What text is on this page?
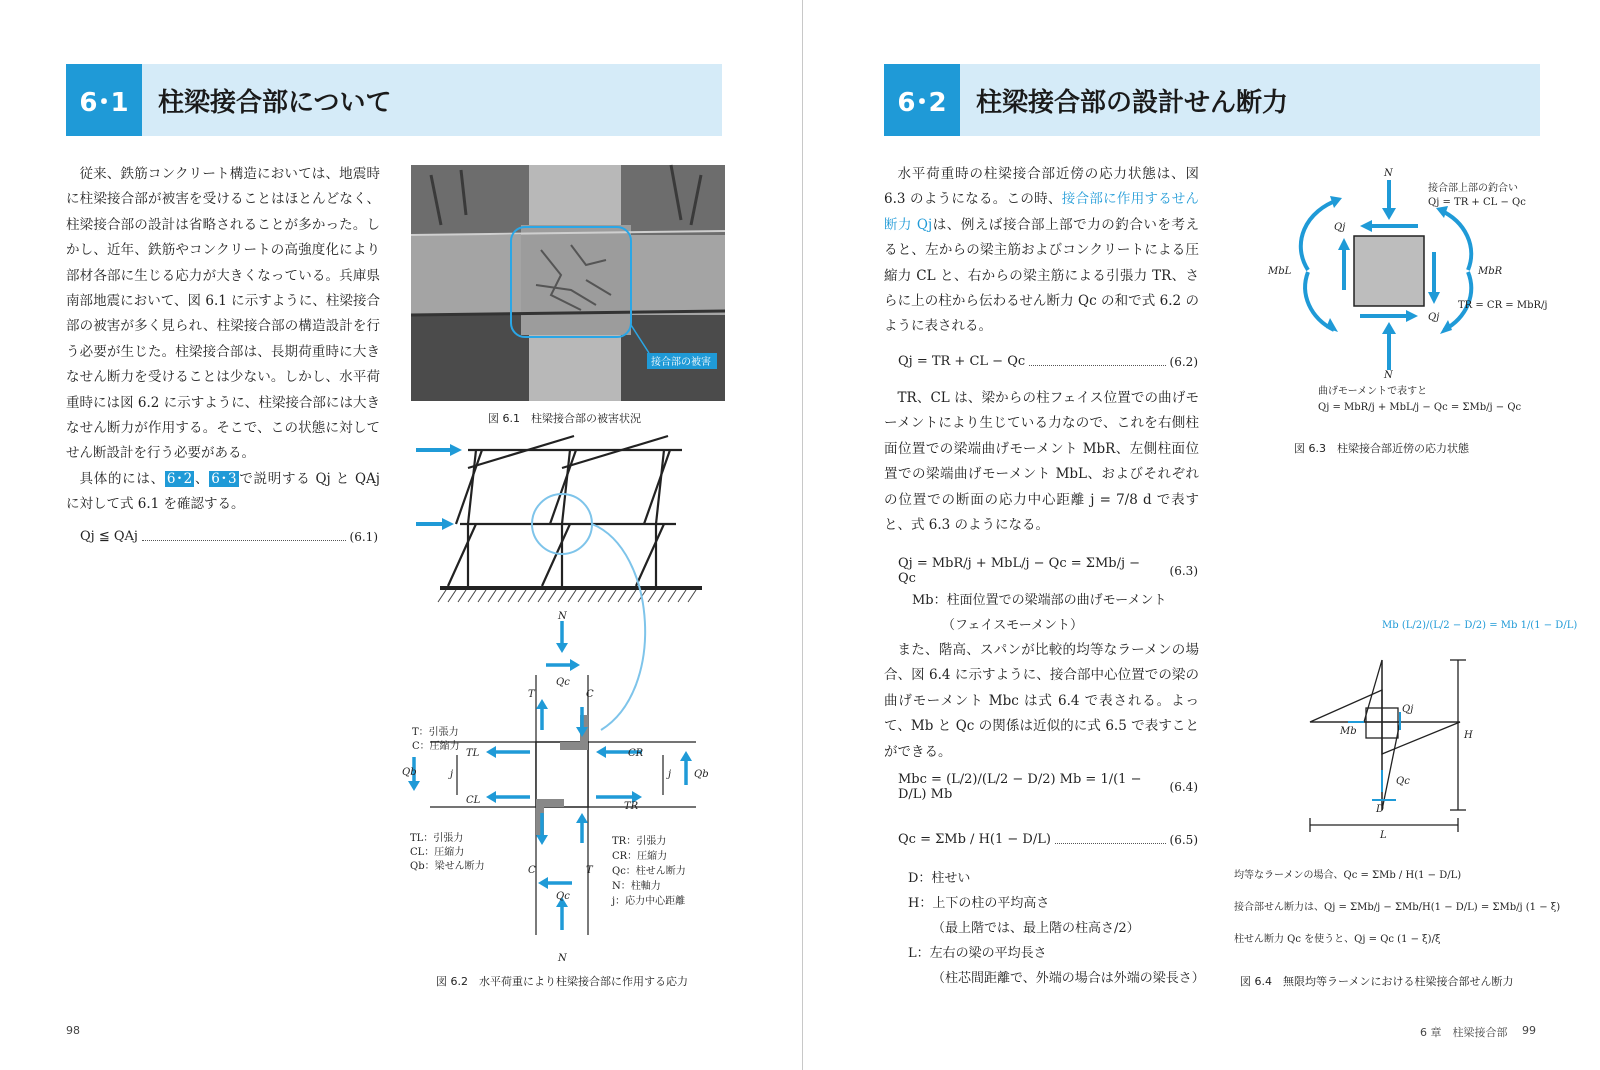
6･1	柱梁接合部について

従来、鉄筋コンクリート構造においては、地震時に柱梁接合部が被害を受けることはほとんどなく、柱梁接合部の設計は省略されることが多かった。しかし、近年、鉄筋やコンクリートの高強度化により部材各部に生じる応力が大きくなっている。兵庫県南部地震において、図 6.1 に示すように、柱梁接合部の被害が多く見られ、柱梁接合部の構造設計を行う必要が生じた。柱梁接合部は、長期荷重時に大きなせん断力を受けることは少ない。しかし、水平荷重時には図 6.2 に示すように、柱梁接合部には大きなせん断力が作用する。そこで、この状態に対してせん断設計を行う必要がある。

具体的には、 6･2 、 6･3 で説明する Qj と QAj に対して式 6.1 を確認する。

Qj ≦ QAj	(6.1)
接合部の被害
図 6.1　柱梁接合部の被害状況
N
Qc
T	C
TL
CL
CR
TR
Qb	Qb
j	j
C	T
Qc
N
T：引張力
C：圧縮力
TL：引張力
CL：圧縮力
Qb：梁せん断力
TR：引張力
CR：圧縮力
Qc：柱せん断力
N：柱軸力
j：応力中心距離
図 6.2　水平荷重により柱梁接合部に作用する応力
98
6･2	柱梁接合部の設計せん断力

水平荷重時の柱梁接合部近傍の応力状態は、図 6.3 のようになる。この時、接合部に作用するせん断力 Qjは、例えば接合部上部で力の釣合いを考えると、左からの梁主筋およびコンクリートによる圧縮力 CL と、右からの梁主筋による引張力 TR、さらに上の柱から伝わるせん断力 Qc の和で式 6.2 のように表される。

Qj = TR + CL − Qc	(6.2)

TR、CL は、梁からの柱フェイス位置での曲げモーメントにより生じている力なので、これを右側柱面位置での梁端曲げモーメント MbR、左側柱面位置での梁端曲げモーメント MbL、およびそれぞれの位置での断面の応力中心距離 j = 7/8 d で表すと、式 6.3 のようになる。

Qj = MbR/j + MbL/j − Qc = ΣMb/j − Qc	(6.3)
Mb：柱面位置での梁端部の曲げモーメント
（フェイスモーメント）

また、階高、スパンが比較的均等なラーメンの場合、図 6.4 に示すように、接合部中心位置での梁の曲げモーメント Mbc は式 6.4 で表される。よって、Mb と Qc の関係は近似的に式 6.5 で表すことができる。

Mbc = (L/2)/(L/2 − D/2) Mb = 1/(1 − D/L) Mb	(6.4)
Qc = ΣMb / H(1 − D/L)	(6.5)
D：柱せい
H：上下の柱の平均高さ
（最上階では、最上階の柱高さ/2）
L：左右の梁の平均長さ
（柱芯間距離で、外端の場合は外端の梁長さ）
N
N
Qj
Qj
MbL	MbR
接合部上部の釣合い
Qj = TR + CL − Qc
TR = CR = MbR/j
曲げモーメントで表すと
Qj = MbR/j + MbL/j − Qc = ΣMb/j − Qc
図 6.3　柱梁接合部近傍の応力状態
Mb (L/2)/(L/2 − D/2) = Mb 1/(1 − D/L)
H
L
D
Qj
Mb
Qc
均等なラーメンの場合、Qc = ΣMb / H(1 − D/L)
接合部せん断力は、Qj = ΣMb/j − ΣMb/H(1 − D/L) = ΣMb/j (1 − ξ)
柱せん断力 Qc を使うと、Qj = Qc (1 − ξ)/ξ
図 6.4　無限均等ラーメンにおける柱梁接合部せん断力
6 章　柱梁接合部 99
